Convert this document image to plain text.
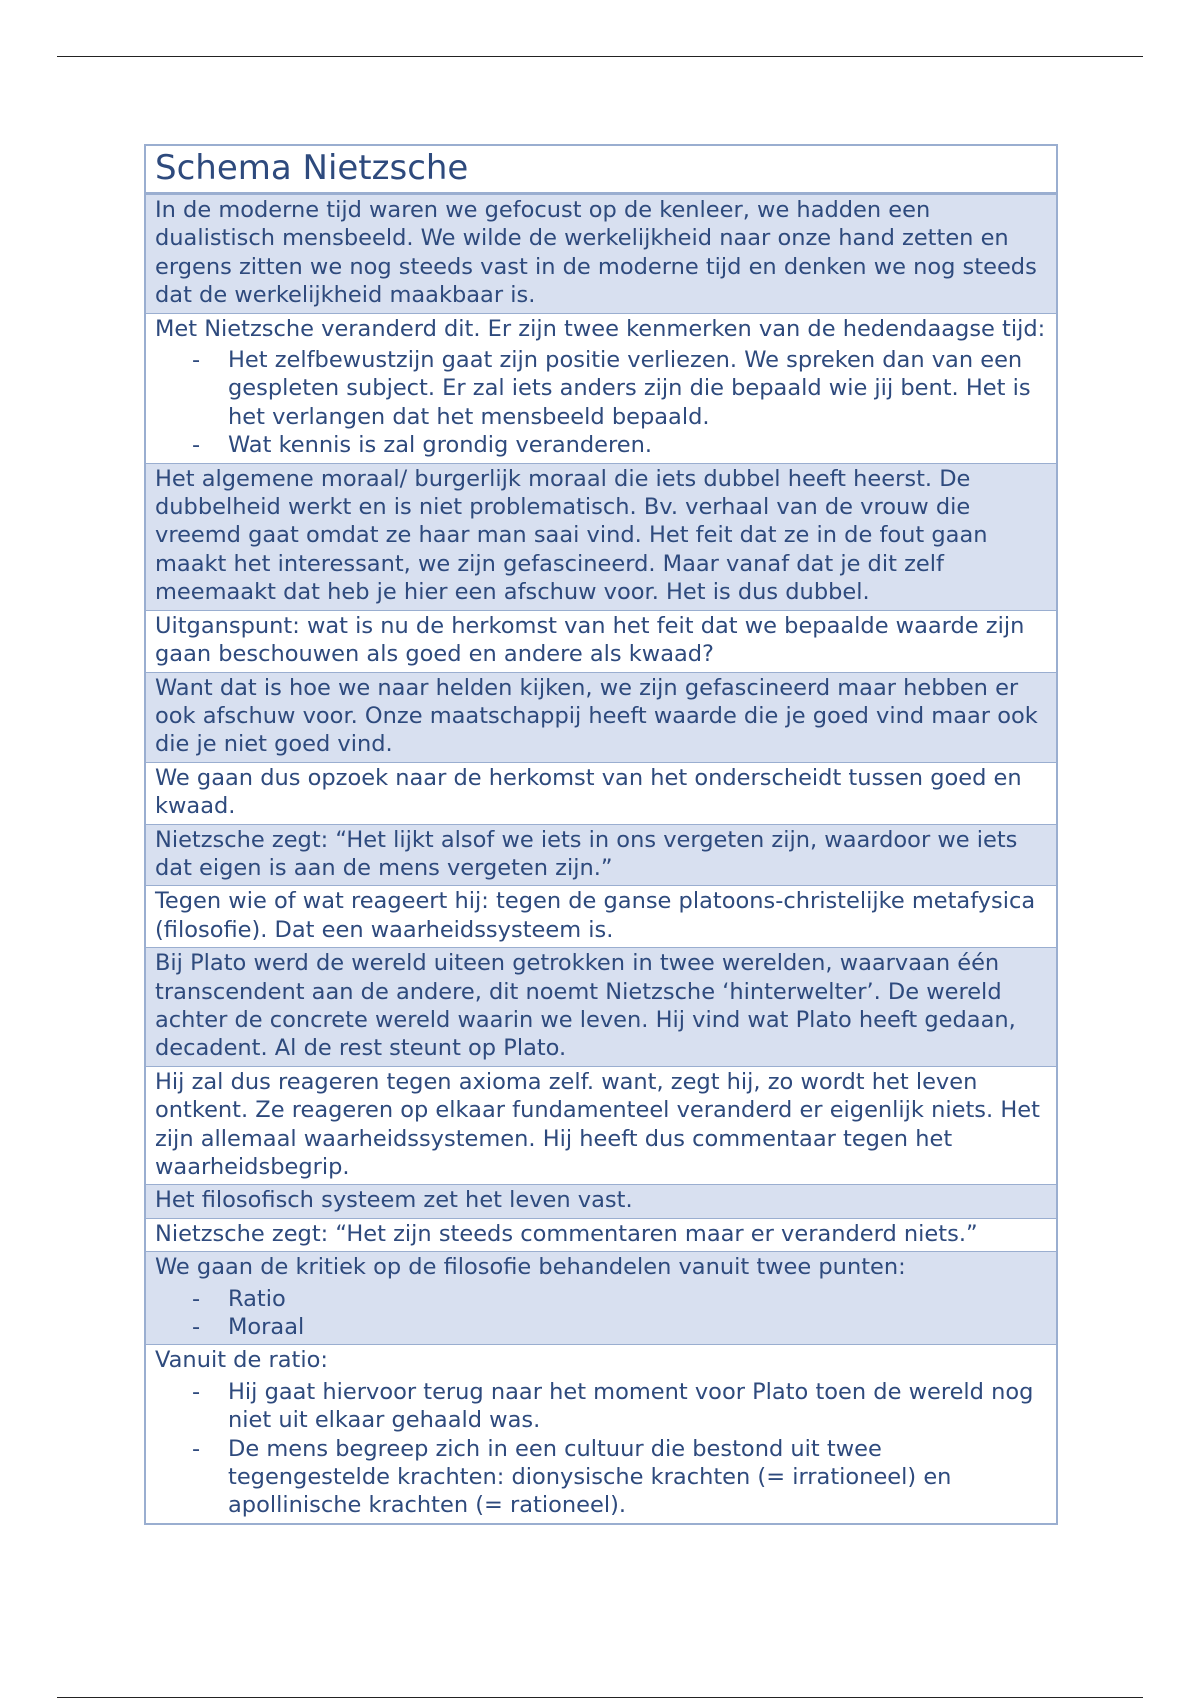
Schema Nietzsche

In de moderne tijd waren we gefocust op de kenleer, we hadden een dualistisch mensbeeld. We wilde de werkelijkheid naar onze hand zetten en ergens zitten we nog steeds vast in de moderne tijd en denken we nog steeds dat de werkelijkheid maakbaar is.

Met Nietzsche veranderd dit. Er zijn twee kenmerken van de hedendaagse tijd:

- Het zelfbewustzijn gaat zijn positie verliezen. We spreken dan van een gespleten subject. Er zal iets anders zijn die bepaald wie jij bent. Het is het verlangen dat het mensbeeld bepaald.
- Wat kennis is zal grondig veranderen.

Het algemene moraal/ burgerlijk moraal die iets dubbel heeft heerst. De dubbelheid werkt en is niet problematisch. Bv. verhaal van de vrouw die vreemd gaat omdat ze haar man saai vind. Het feit dat ze in de fout gaan maakt het interessant, we zijn gefascineerd. Maar vanaf dat je dit zelf meemaakt dat heb je hier een afschuw voor. Het is dus dubbel.

Uitganspunt: wat is nu de herkomst van het feit dat we bepaalde waarde zijn gaan beschouwen als goed en andere als kwaad?

Want dat is hoe we naar helden kijken, we zijn gefascineerd maar hebben er ook afschuw voor. Onze maatschappij heeft waarde die je goed vind maar ook die je niet goed vind.

We gaan dus opzoek naar de herkomst van het onderscheidt tussen goed en kwaad.

Nietzsche zegt: “Het lijkt alsof we iets in ons vergeten zijn, waardoor we iets dat eigen is aan de mens vergeten zijn.”

Tegen wie of wat reageert hij: tegen de ganse platoons-christelijke metafysica (filosofie). Dat een waarheidssysteem is.

Bij Plato werd de wereld uiteen getrokken in twee werelden, waarvaan één transcendent aan de andere, dit noemt Nietzsche ‘hinterwelter’. De wereld achter de concrete wereld waarin we leven. Hij vind wat Plato heeft gedaan, decadent. Al de rest steunt op Plato.

Hij zal dus reageren tegen axioma zelf. want, zegt hij, zo wordt het leven ontkent. Ze reageren op elkaar fundamenteel veranderd er eigenlijk niets. Het zijn allemaal waarheidssystemen. Hij heeft dus commentaar tegen het waarheidsbegrip.

Het filosofisch systeem zet het leven vast.

Nietzsche zegt: “Het zijn steeds commentaren maar er veranderd niets.”

We gaan de kritiek op de filosofie behandelen vanuit twee punten:

- Ratio
- Moraal

Vanuit de ratio:

- Hij gaat hiervoor terug naar het moment voor Plato toen de wereld nog niet uit elkaar gehaald was.
- De mens begreep zich in een cultuur die bestond uit twee tegengestelde krachten: dionysische krachten (= irrationeel) en apollinische krachten (= rationeel).
